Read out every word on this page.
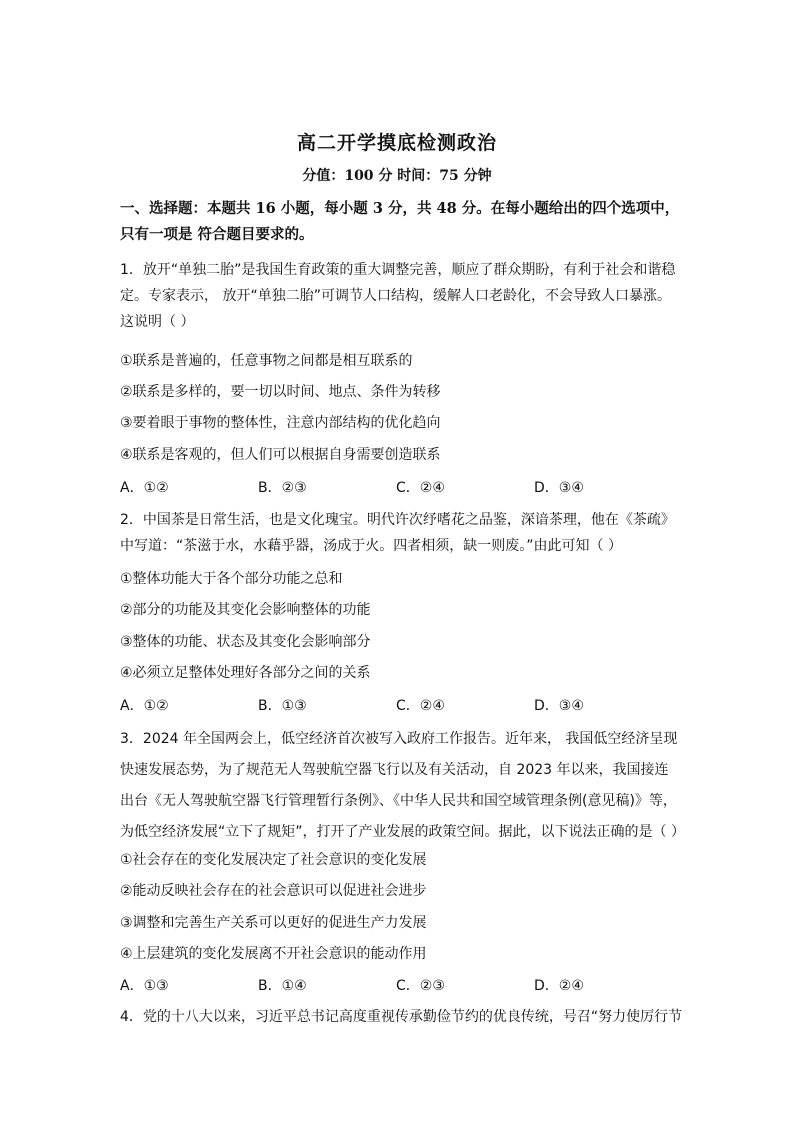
高二开学摸底检测政治
分值：100 分 时间：75 分钟
一、选择题：本题共 16 小题，每小题 3 分，共 48 分。在每小题给出的四个选项中，只有一项是 符合题目要求的。
1．放开“单独二胎”是我国生育政策的重大调整完善，顺应了群众期盼，有利于社会和谐稳定。专家表示， 放开“单独二胎”可调节人口结构，缓解人口老龄化，不会导致人口暴涨。这说明（ ）
①联系是普遍的，任意事物之间都是相互联系的
②联系是多样的，要一切以时间、地点、条件为转移
③要着眼于事物的整体性，注意内部结构的优化趋向
④联系是客观的，但人们可以根据自身需要创造联系
A．①②	B．②③	C．②④	D．③④
2．中国茶是日常生活，也是文化瑰宝。明代许次纾嗜花之品鉴，深谙茶理，他在《茶疏》中写道：“茶滋于水，水藉乎器，汤成于火。四者相须，缺一则废。”由此可知（ ）
①整体功能大于各个部分功能之总和
②部分的功能及其变化会影响整体的功能
③整体的功能、状态及其变化会影响部分
④必须立足整体处理好各部分之间的关系
A．①②	B．①③	C．②④	D．③④
3．2024 年全国两会上，低空经济首次被写入政府工作报告。近年来， 我国低空经济呈现快速发展态势，为了规范无人驾驶航空器飞行以及有关活动，自 2023 年以来，我国接连出台《无人驾驶航空器飞行管理暂行条例》、《中华人民共和国空域管理条例(意见稿)》等， 为低空经济发展“立下了规矩”，打开了产业发展的政策空间。据此，以下说法正确的是（ ）
①社会存在的变化发展决定了社会意识的变化发展
②能动反映社会存在的社会意识可以促进社会进步
③调整和完善生产关系可以更好的促进生产力发展
④上层建筑的变化发展离不开社会意识的能动作用
A．①③	B．①④	C．②③	D．②④
4．党的十八大以来，习近平总书记高度重视传承勤俭节约的优良传统，号召“努力使厉行节
